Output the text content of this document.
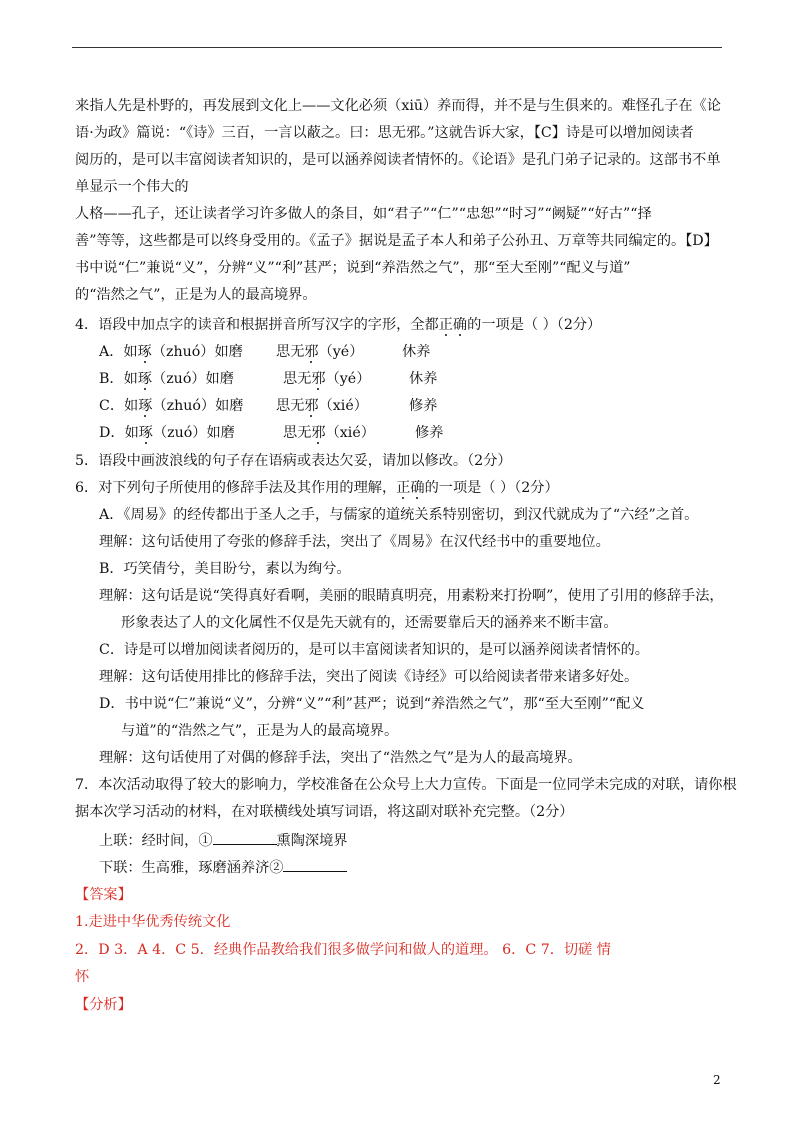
来指人先是朴野的，再发展到文化上——文化必须（xiū）养而得，并不是与生俱来的。难怪孔子在《论
语·为政》篇说：“《诗》三百，一言以蔽之。曰：思无邪。”这就告诉大家，【C】诗是可以增加阅读者
阅历的，是可以丰富阅读者知识的，是可以涵养阅读者情怀的。《论语》是孔门弟子记录的。这部书不单
单显示一个伟大的
人格——孔子，还让读者学习许多做人的条目，如“君子”“仁”“忠恕”“时习”“阙疑”“好古”“择
善”等等，这些都是可以终身受用的。《孟子》据说是孟子本人和弟子公孙丑、万章等共同编定的。【D】
书中说“仁”兼说“义”，分辨“义”“利”甚严；说到“养浩然之气”，那“至大至刚”“配义与道”
的“浩然之气”，正是为人的最高境界。
4．语段中加点字的读音和根据拼音所写汉字的字形，全都正确的一项是（ ）（2分）
A．如琢（zhuó）如磨 思无邪（yé）	休养
B．如琢（zuó）如磨	思无邪（yé）	休养
C．如琢（zhuó）如磨 思无邪（xié）	修养
D．如琢（zuó）如磨	思无邪（xié）	修养
5．语段中画波浪线的句子存在语病或表达欠妥，请加以修改。（2分）
6．对下列句子所使用的修辞手法及其作用的理解，正确的一项是（ ）（2分）
A．《周易》的经传都出于圣人之手，与儒家的道统关系特别密切，到汉代就成为了“六经”之首。
理解：这句话使用了夸张的修辞手法，突出了《周易》在汉代经书中的重要地位。
B．巧笑倩兮，美目盼兮，素以为绚兮。
理解：这句话是说“笑得真好看啊，美丽的眼睛真明亮，用素粉来打扮啊”，使用了引用的修辞手法，
形象表达了人的文化属性不仅是先天就有的，还需要靠后天的涵养来不断丰富。
C．诗是可以增加阅读者阅历的，是可以丰富阅读者知识的，是可以涵养阅读者情怀的。
理解：这句话使用排比的修辞手法，突出了阅读《诗经》可以给阅读者带来诸多好处。
D．书中说“仁”兼说“义”，分辨“义”“利”甚严；说到“养浩然之气”，那“至大至刚”“配义
与道”的“浩然之气”，正是为人的最高境界。
理解：这句话使用了对偶的修辞手法，突出了“浩然之气”是为人的最高境界。
7．本次活动取得了较大的影响力，学校准备在公众号上大力宣传。下面是一位同学未完成的对联，请你根
据本次学习活动的材料，在对联横线处填写词语，将这副对联补充完整。（2分）
上联：经时间，①	熏陶深境界
下联：生高雅，琢磨涵养济②
【答案】
1.走进中华优秀传统文化
2．D 3．A 4．C 5．经典作品教给我们很多做学问和做人的道理。 6．C 7．切磋 情
怀
【分析】
2
